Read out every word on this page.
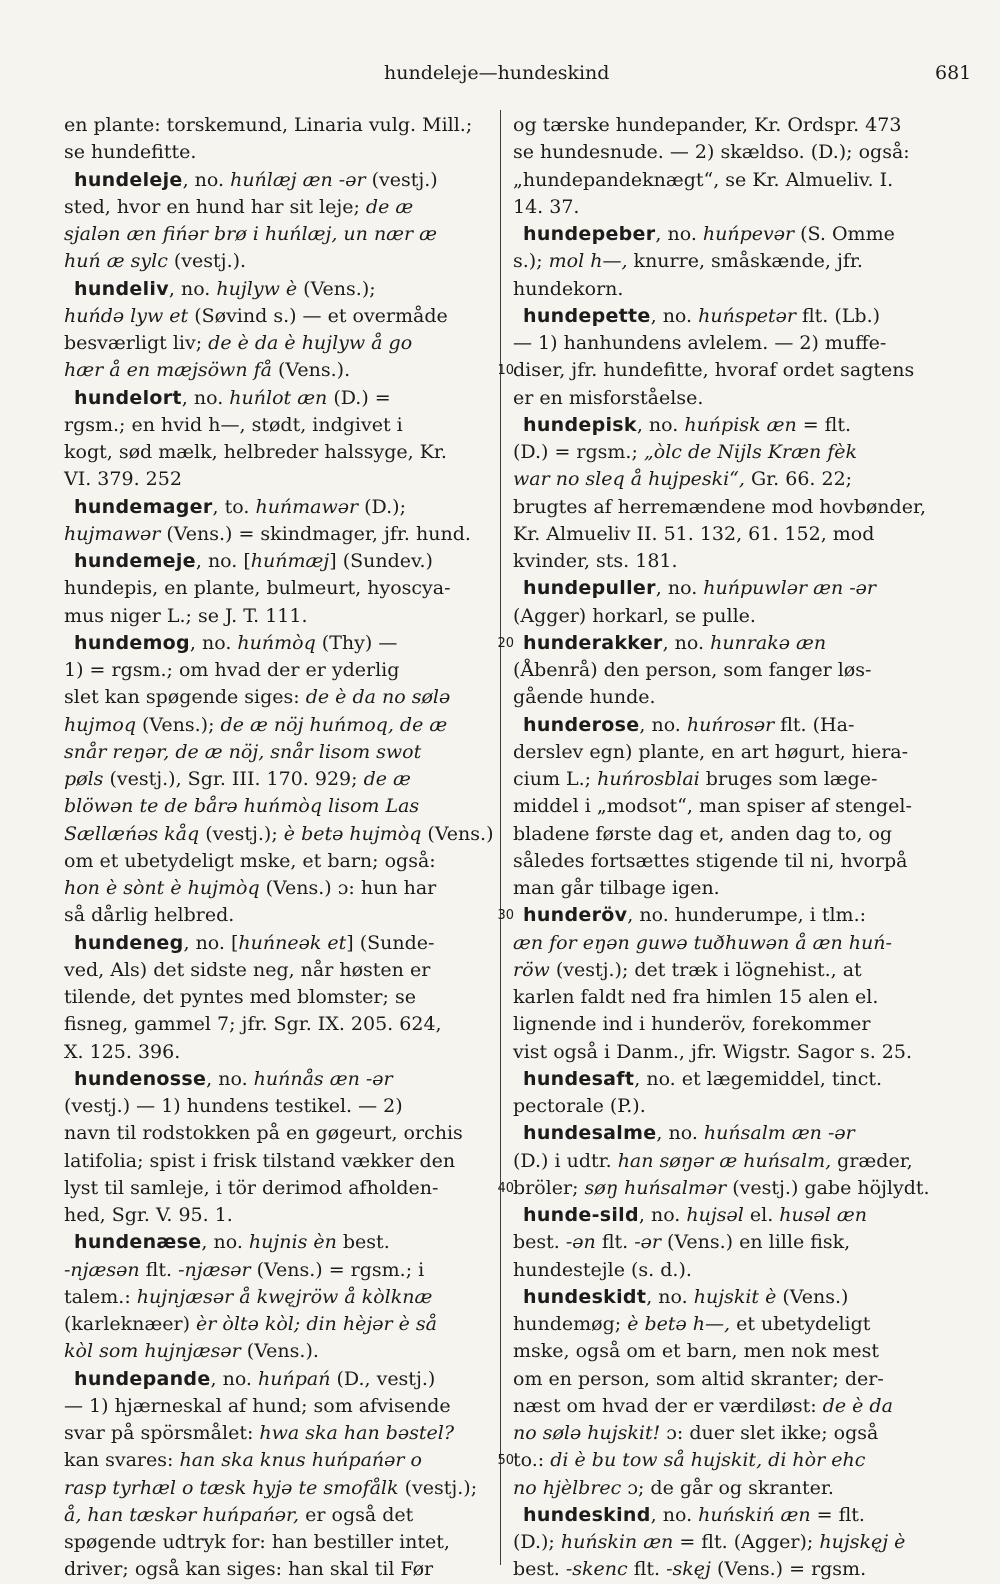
hundeleje—hundeskind	681
en plante: torskemund, Linaria vulg. Mill.;
se hundefitte.
hundeleje, no. huńlæj æn -ər (vestj.)
sted, hvor en hund har sit leje; de æ
sjalən æn fińər brø i huńlæj, un nær æ
huń æ sylc (vestj.).
hundeliv, no. hujlyw è (Vens.);
huńdə lyw et (Søvind s.) — et overmåde
besværligt liv; de è da è hujlyw å go
hær å en mæjsöwn få (Vens.).
hundelort, no. huńlot æn (D.) =
rgsm.; en hvid h—, stødt, indgivet i
kogt, sød mælk, helbreder halssyge, Kr.
VI. 379. 252
hundemager, to. huńmawər (D.);
hujmawər (Vens.) = skindmager, jfr. hund.
hundemeje, no. [huńmæj] (Sundev.)
hundepis, en plante, bulmeurt, hyoscya-
mus niger L.; se J. T. 111.
hundemog, no. huńmòq (Thy) —
1) = rgsm.; om hvad der er yderlig
slet kan spøgende siges: de è da no sølə
hujmoq (Vens.); de æ nöj huńmoq, de æ
snår reŋər, de æ nöj, snår lisom swot
pøls (vestj.), Sgr. III. 170. 929; de æ
blöwən te de bårə huńmòq lisom Las
Sællæńəs kåq (vestj.); è betə hujmòq (Vens.)
om et ubetydeligt mske, et barn; også:
hon è sònt è hujmòq (Vens.) ɔ: hun har
så dårlig helbred.
hundeneg, no. [huńneək et] (Sunde-
ved, Als) det sidste neg, når høsten er
tilende, det pyntes med blomster; se
fisneg, gammel 7; jfr. Sgr. IX. 205. 624,
X. 125. 396.
hundenosse, no. huńnås æn -ər
(vestj.) — 1) hundens testikel. — 2)
navn til rodstokken på en gøgeurt, orchis
latifolia; spist i frisk tilstand vækker den
lyst til samleje, i tör derimod afholden-
hed, Sgr. V. 95. 1.
hundenæse, no. hujnis èn best.
-njæsən flt. -njæsər (Vens.) = rgsm.; i
talem.: hujnjæsər å kwęjröw å kòlknæ
(karleknæer) èr òltə kòl; din hèjər è så
kòl som hujnjæsər (Vens.).
hundepande, no. huńpań (D., vestj.)
— 1) hjærneskal af hund; som afvisende
svar på spörsmålet: hwa ska han bəstel?
kan svares: han ska knus huńpańər o
rasp tyrhæl o tæsk hyjə te smofålk (vestj.);
å, han tæskər huńpańər, er også det
spøgende udtryk for: han bestiller intet,
driver; også kan siges: han skal til Før
og tærske hundepander, Kr. Ordspr. 473
se hundesnude. — 2) skældso. (D.); også:
„hundepandeknægt“, se Kr. Almueliv. I.
14. 37.
hundepeber, no. huńpevər (S. Omme
s.); mol h—, knurre, småskænde, jfr.
hundekorn.
hundepette, no. huńspetər flt. (Lb.)
— 1) hanhundens avlelem. — 2) muffe-
diser, jfr. hundefitte, hvoraf ordet sagtens
er en misforståelse.
hundepisk, no. huńpisk æn = flt.
(D.) = rgsm.; „òlc de Nijls Kræn fèk
war no sleq å hujpeski“, Gr. 66. 22;
brugtes af herremændene mod hovbønder,
Kr. Almueliv II. 51. 132, 61. 152, mod
kvinder, sts. 181.
hundepuller, no. huńpuwlər æn -ər
(Agger) horkarl, se pulle.
hunderakker, no. hunrakə æn
(Åbenrå) den person, som fanger løs-
gående hunde.
hunderose, no. huńrosər flt. (Ha-
derslev egn) plante, en art høgurt, hiera-
cium L.; huńrosblai bruges som læge-
middel i „modsot“, man spiser af stengel-
bladene første dag et, anden dag to, og
således fortsættes stigende til ni, hvorpå
man går tilbage igen.
hunderöv, no. hunderumpe, i tlm.:
æn for eŋən guwə tuðhuwən å æn huń-
röw (vestj.); det træk i lögnehist., at
karlen faldt ned fra himlen 15 alen el.
lignende ind i hunderöv, forekommer
vist også i Danm., jfr. Wigstr. Sagor s. 25.
hundesaft, no. et lægemiddel, tinct.
pectorale (P.).
hundesalme, no. huńsalm æn -ər
(D.) i udtr. han søŋər æ huńsalm, græder,
bröler; søŋ huńsalmər (vestj.) gabe höjlydt.
hunde-sild, no. hujsəl el. husəl æn
best. -ən flt. -ər (Vens.) en lille fisk,
hundestejle (s. d.).
hundeskidt, no. hujskit è (Vens.)
hundemøg; è betə h—, et ubetydeligt
mske, også om et barn, men nok mest
om en person, som altid skranter; der-
næst om hvad der er værdiløst: de è da
no sølə hujskit! ɔ: duer slet ikke; også
to.: di è bu tow så hujskit, di hòr ehc
no hjèlbrec ɔ; de går og skranter.
hundeskind, no. huńskiń æn = flt.
(D.); huńskin æn = flt. (Agger); hujskęj è
best. -skenc flt. -skęj (Vens.) = rgsm.
10
20
30
40
50
